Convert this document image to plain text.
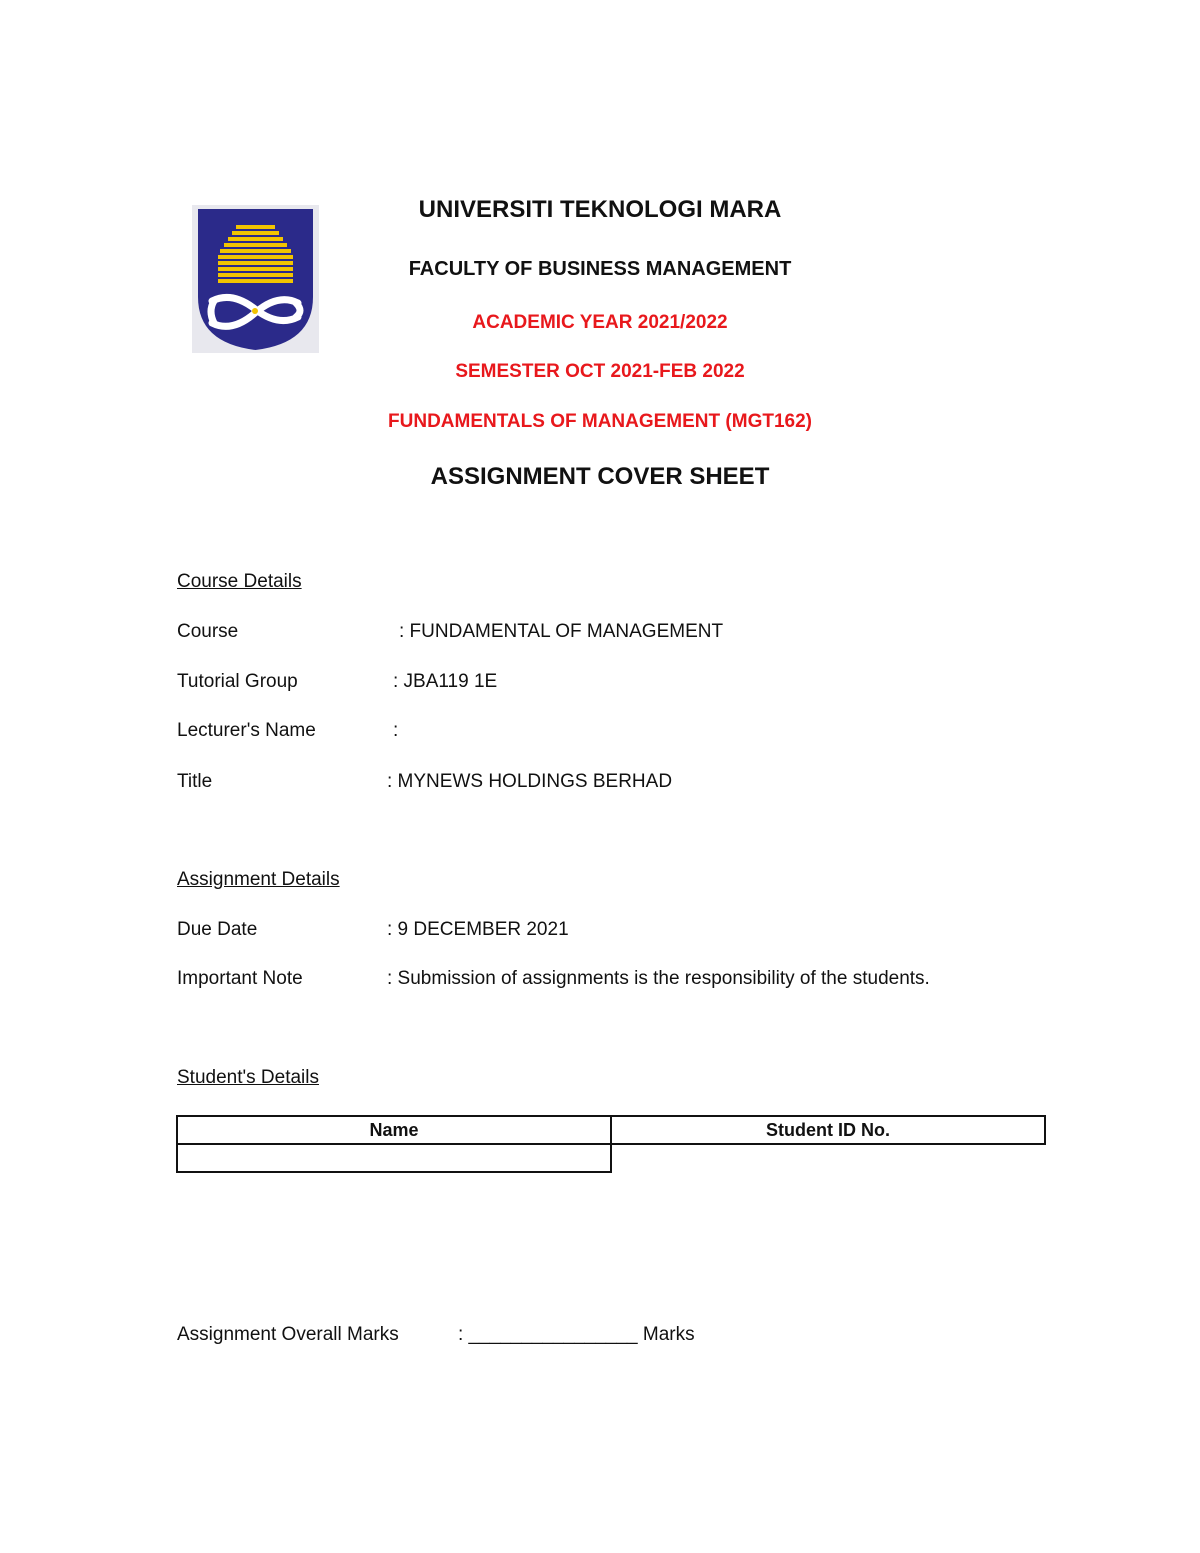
UNIVERSITI TEKNOLOGI MARA
FACULTY OF BUSINESS MANAGEMENT
ACADEMIC YEAR 2021/2022
SEMESTER OCT 2021-FEB 2022
FUNDAMENTALS OF MANAGEMENT (MGT162)
ASSIGNMENT COVER SHEET
Course Details
Course	: FUNDAMENTAL OF MANAGEMENT
Tutorial Group	: JBA119 1E
Lecturer's Name	:
Title	: MYNEWS HOLDINGS BERHAD
Assignment Details
Due Date	: 9 DECEMBER 2021
Important Note	: Submission of assignments is the responsibility of the students.
Student's Details
Name	Student ID No.

Assignment Overall Marks	: ________________ Marks
